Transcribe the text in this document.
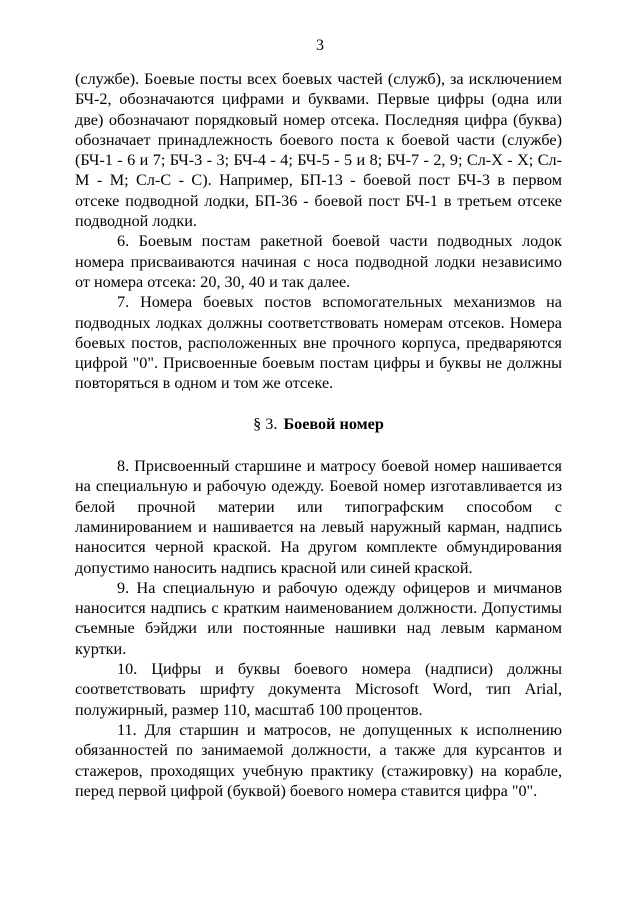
3

(службе). Боевые посты всех боевых частей (служб), за исключением БЧ-2, обозначаются цифрами и буквами. Первые цифры (одна или две) обозначают порядковый номер отсека. Последняя цифра (буква) обозначает принадлежность боевого поста к боевой части (службе) (БЧ-1 - 6 и 7; БЧ-3 - 3; БЧ-4 - 4; БЧ-5 - 5 и 8; БЧ-7 - 2, 9; Сл-Х - Х; Сл-М - М; Сл-С - С). Например, БП-13 - боевой пост БЧ-3 в первом отсеке подводной лодки, БП-36 - боевой пост БЧ-1 в третьем отсеке подводной лодки.

6. Боевым постам ракетной боевой части подводных лодок номера присваиваются начиная с носа подводной лодки независимо от номера отсека: 20, 30, 40 и так далее.

7. Номера боевых постов вспомогательных механизмов на подводных лодках должны соответствовать номерам отсеков. Номера боевых постов, расположенных вне прочного корпуса, предваряются цифрой "0". Присвоенные боевым постам цифры и буквы не должны повторяться в одном и том же отсеке.

§ 3. Боевой номер

8. Присвоенный старшине и матросу боевой номер нашивается на специальную и рабочую одежду. Боевой номер изготавливается из белой прочной материи или типографским способом с ламинированием и нашивается на левый наружный карман, надпись наносится черной краской. На другом комплекте обмундирования допустимо наносить надпись красной или синей краской.

9. На специальную и рабочую одежду офицеров и мичманов наносится надпись с кратким наименованием должности. Допустимы съемные бэйджи или постоянные нашивки над левым карманом куртки.

10. Цифры и буквы боевого номера (надписи) должны соответствовать шрифту документа Microsoft Word, тип Arial, полужирный, размер 110, масштаб 100 процентов.

11. Для старшин и матросов, не допущенных к исполнению обязанностей по занимаемой должности, а также для курсантов и стажеров, проходящих учебную практику (стажировку) на корабле, перед первой цифрой (буквой) боевого номера ставится цифра "0".
